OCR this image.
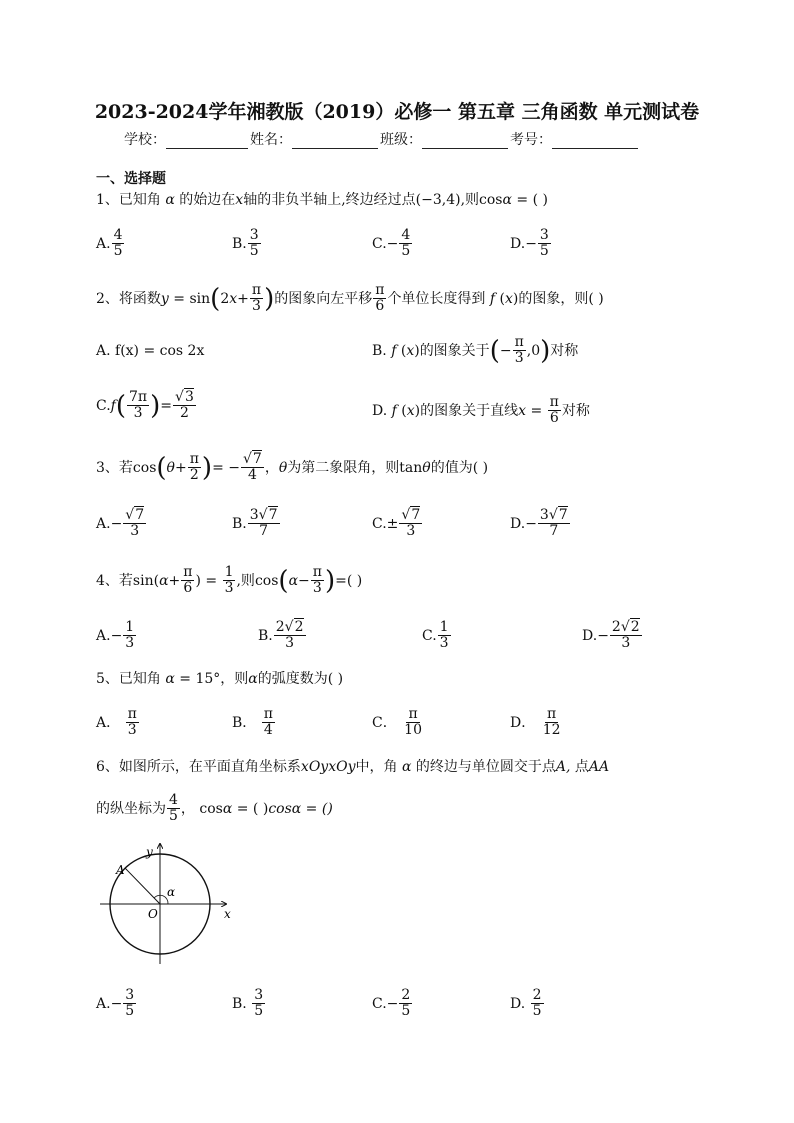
2023-2024学年湘教版（2019）必修一 第五章 三角函数 单元测试卷
学校：	姓名：	班级：	考号：
一、选择题
1、已知角 α 的始边在x轴的非负半轴上,终边经过点(−3,4),则cosα = ( )
A. $\frac{4}{5}$	B. $\frac{3}{5}$	$C.- \frac{4}{5}$	$D.- \frac{3}{5}$
2、将函数$y = \sin(2x+ \frac{\pi}{3}$ )的图象向左平移 $\frac{\pi}{6}$ 个单位长度得到 f (x)的图象，则( )
A. f(x) = cos 2x	B. f (x)的图象关于(− $\frac{\pi}{3} ,0$)对称
$C.f( \frac{7\pi}{3}$ )= $\frac{√3}{2}$	D. f (x)的图象关于直线$x = \frac{\pi}{6}$ 对称
3、若$\cos(\theta+ \frac{\pi}{2}$ )= − $\frac{√7}{4}$ ，θ为第二象限角，则tanθ的值为( )
$A.- \frac{√7}{3}$	B. $\frac{3√7}{7}$	$C.\pm \frac{√7}{3}$	$D.- \frac{3√7}{7}$
4、若$\sin(\alpha+ \frac{\pi}{6}$ ) = $\frac{1}{3}$ ,则$\cos(\alpha- \frac{\pi}{3}$ )=( )
$A.- \frac{1}{3}$	B. $\frac{2√2}{3}$	C. $\frac{1}{3}$	$D.- \frac{2√2}{3}$
5、已知角 α = 15°，则α的弧度数为( )
A． $\frac{\pi}{3}$	B． $\frac{\pi}{4}$	C． $\frac{\pi}{10}$	D． $\frac{\pi}{12}$
6、如图所示，在平面直角坐标系xOyxOy中，角 α 的终边与单位圆交于点A, 点AA
的纵坐标为 $\frac{4}{5}$ ， cosα = ( )cosα = ()
y
x
A
O
α
$A.- \frac{3}{5}$	B. $\frac{3}{5}$	$C.- \frac{2}{5}$	D. $\frac{2}{5}$
